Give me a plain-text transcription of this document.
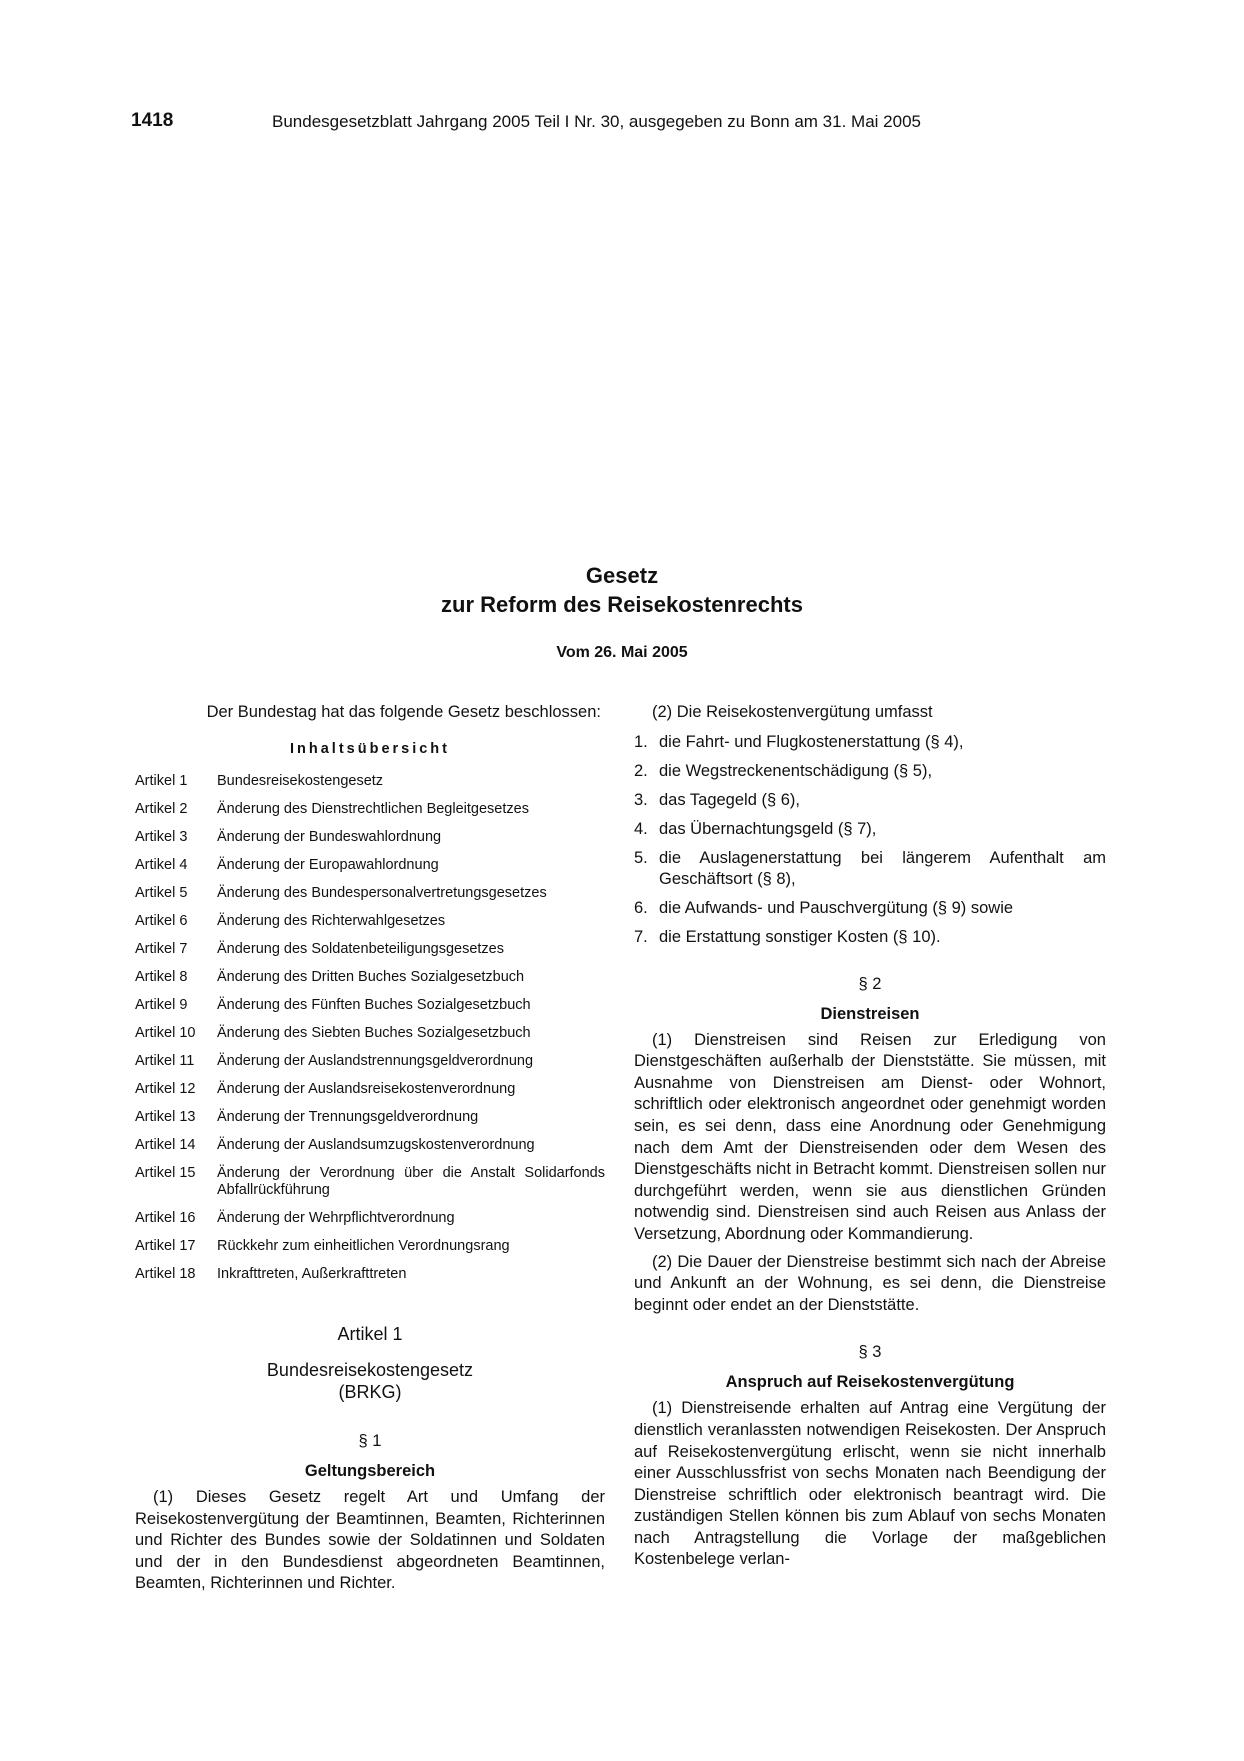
1418	Bundesgesetzblatt Jahrgang 2005 Teil I Nr. 30, ausgegeben zu Bonn am 31. Mai 2005
Gesetz
zur Reform des Reisekostenrechts
Vom 26. Mai 2005

Der Bundestag hat das folgende Gesetz beschlossen:

Inhaltsübersicht
Artikel 1	Bundesreisekostengesetz
Artikel 2	Änderung des Dienstrechtlichen Begleitgesetzes
Artikel 3	Änderung der Bundeswahlordnung
Artikel 4	Änderung der Europawahlordnung
Artikel 5	Änderung des Bundespersonalvertretungsgesetzes
Artikel 6	Änderung des Richterwahlgesetzes
Artikel 7	Änderung des Soldatenbeteiligungsgesetzes
Artikel 8	Änderung des Dritten Buches Sozialgesetzbuch
Artikel 9	Änderung des Fünften Buches Sozialgesetzbuch
Artikel 10	Änderung des Siebten Buches Sozialgesetzbuch
Artikel 11	Änderung der Auslandstrennungsgeldverordnung
Artikel 12	Änderung der Auslandsreisekostenverordnung
Artikel 13	Änderung der Trennungsgeldverordnung
Artikel 14	Änderung der Auslandsumzugskostenverordnung
Artikel 15	Änderung der Verordnung über die Anstalt Solidarfonds Abfallrückführung
Artikel 16	Änderung der Wehrpflichtverordnung
Artikel 17	Rückkehr zum einheitlichen Verordnungsrang
Artikel 18	Inkrafttreten, Außerkrafttreten
Artikel 1
Bundesreisekostengesetz
(BRKG)
§ 1
Geltungsbereich

(1) Dieses Gesetz regelt Art und Umfang der Reisekostenvergütung der Beamtinnen, Beamten, Richterinnen und Richter des Bundes sowie der Soldatinnen und Soldaten und der in den Bundesdienst abgeordneten Beamtinnen, Beamten, Richterinnen und Richter.

(2) Die Reisekostenvergütung umfasst

1. die Fahrt- und Flugkostenerstattung (§ 4),
2. die Wegstreckenentschädigung (§ 5),
3. das Tagegeld (§ 6),
4. das Übernachtungsgeld (§ 7),
5. die Auslagenerstattung bei längerem Aufenthalt am Geschäftsort (§ 8),
6. die Aufwands- und Pauschvergütung (§ 9) sowie
7. die Erstattung sonstiger Kosten (§ 10).
§ 2
Dienstreisen

(1) Dienstreisen sind Reisen zur Erledigung von Dienstgeschäften außerhalb der Dienststätte. Sie müssen, mit Ausnahme von Dienstreisen am Dienst- oder Wohnort, schriftlich oder elektronisch angeordnet oder genehmigt worden sein, es sei denn, dass eine Anordnung oder Genehmigung nach dem Amt der Dienstreisenden oder dem Wesen des Dienstgeschäfts nicht in Betracht kommt. Dienstreisen sollen nur durchgeführt werden, wenn sie aus dienstlichen Gründen notwendig sind. Dienstreisen sind auch Reisen aus Anlass der Versetzung, Abordnung oder Kommandierung.

(2) Die Dauer der Dienstreise bestimmt sich nach der Abreise und Ankunft an der Wohnung, es sei denn, die Dienstreise beginnt oder endet an der Dienststätte.

§ 3
Anspruch auf Reisekostenvergütung

(1) Dienstreisende erhalten auf Antrag eine Vergütung der dienstlich veranlassten notwendigen Reisekosten. Der Anspruch auf Reisekostenvergütung erlischt, wenn sie nicht innerhalb einer Ausschlussfrist von sechs Monaten nach Beendigung der Dienstreise schriftlich oder elektronisch beantragt wird. Die zuständigen Stellen können bis zum Ablauf von sechs Monaten nach Antragstellung die Vorlage der maßgeblichen Kostenbelege verlan-
